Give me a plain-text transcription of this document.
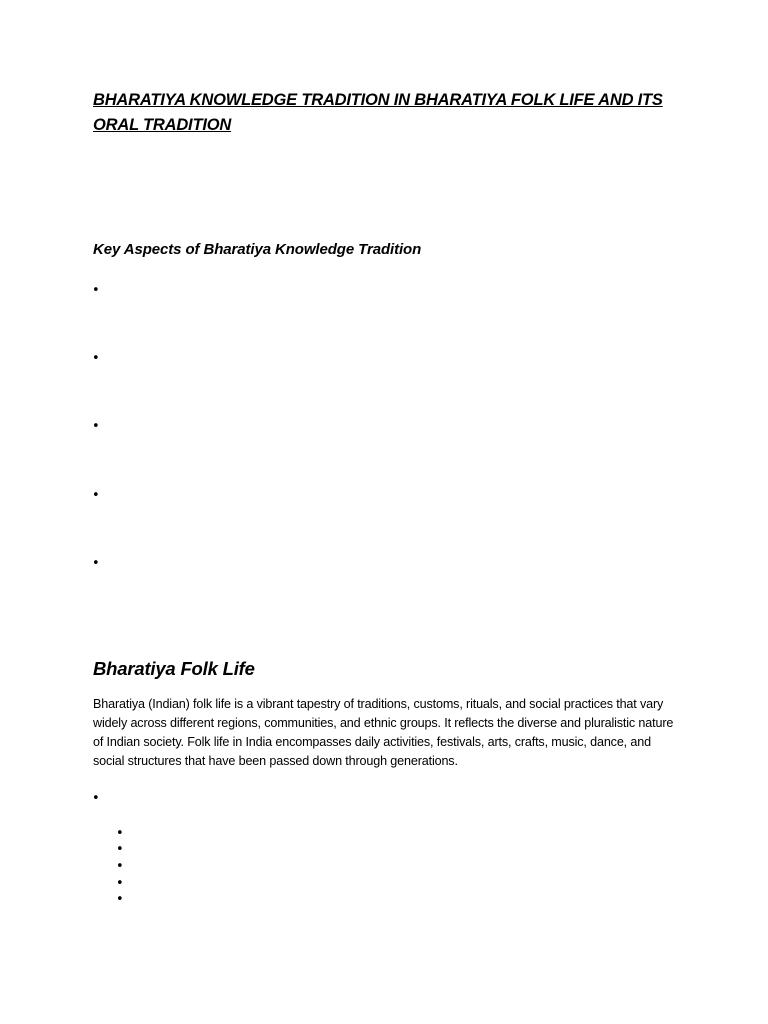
BHARATIYA KNOWLEDGE TRADITION IN BHARATIYA FOLK LIFE AND ITS ORAL TRADITION
Key Aspects of Bharatiya Knowledge Tradition
•
•
•
•
•
Bharatiya Folk Life

Bharatiya (Indian) folk life is a vibrant tapestry of traditions, customs, rituals, and social practices that vary widely across different regions, communities, and ethnic groups. It reflects the diverse and pluralistic nature of Indian society. Folk life in India encompasses daily activities, festivals, arts, crafts, music, dance, and social structures that have been passed down through generations.

•
•
•
•
•
•
